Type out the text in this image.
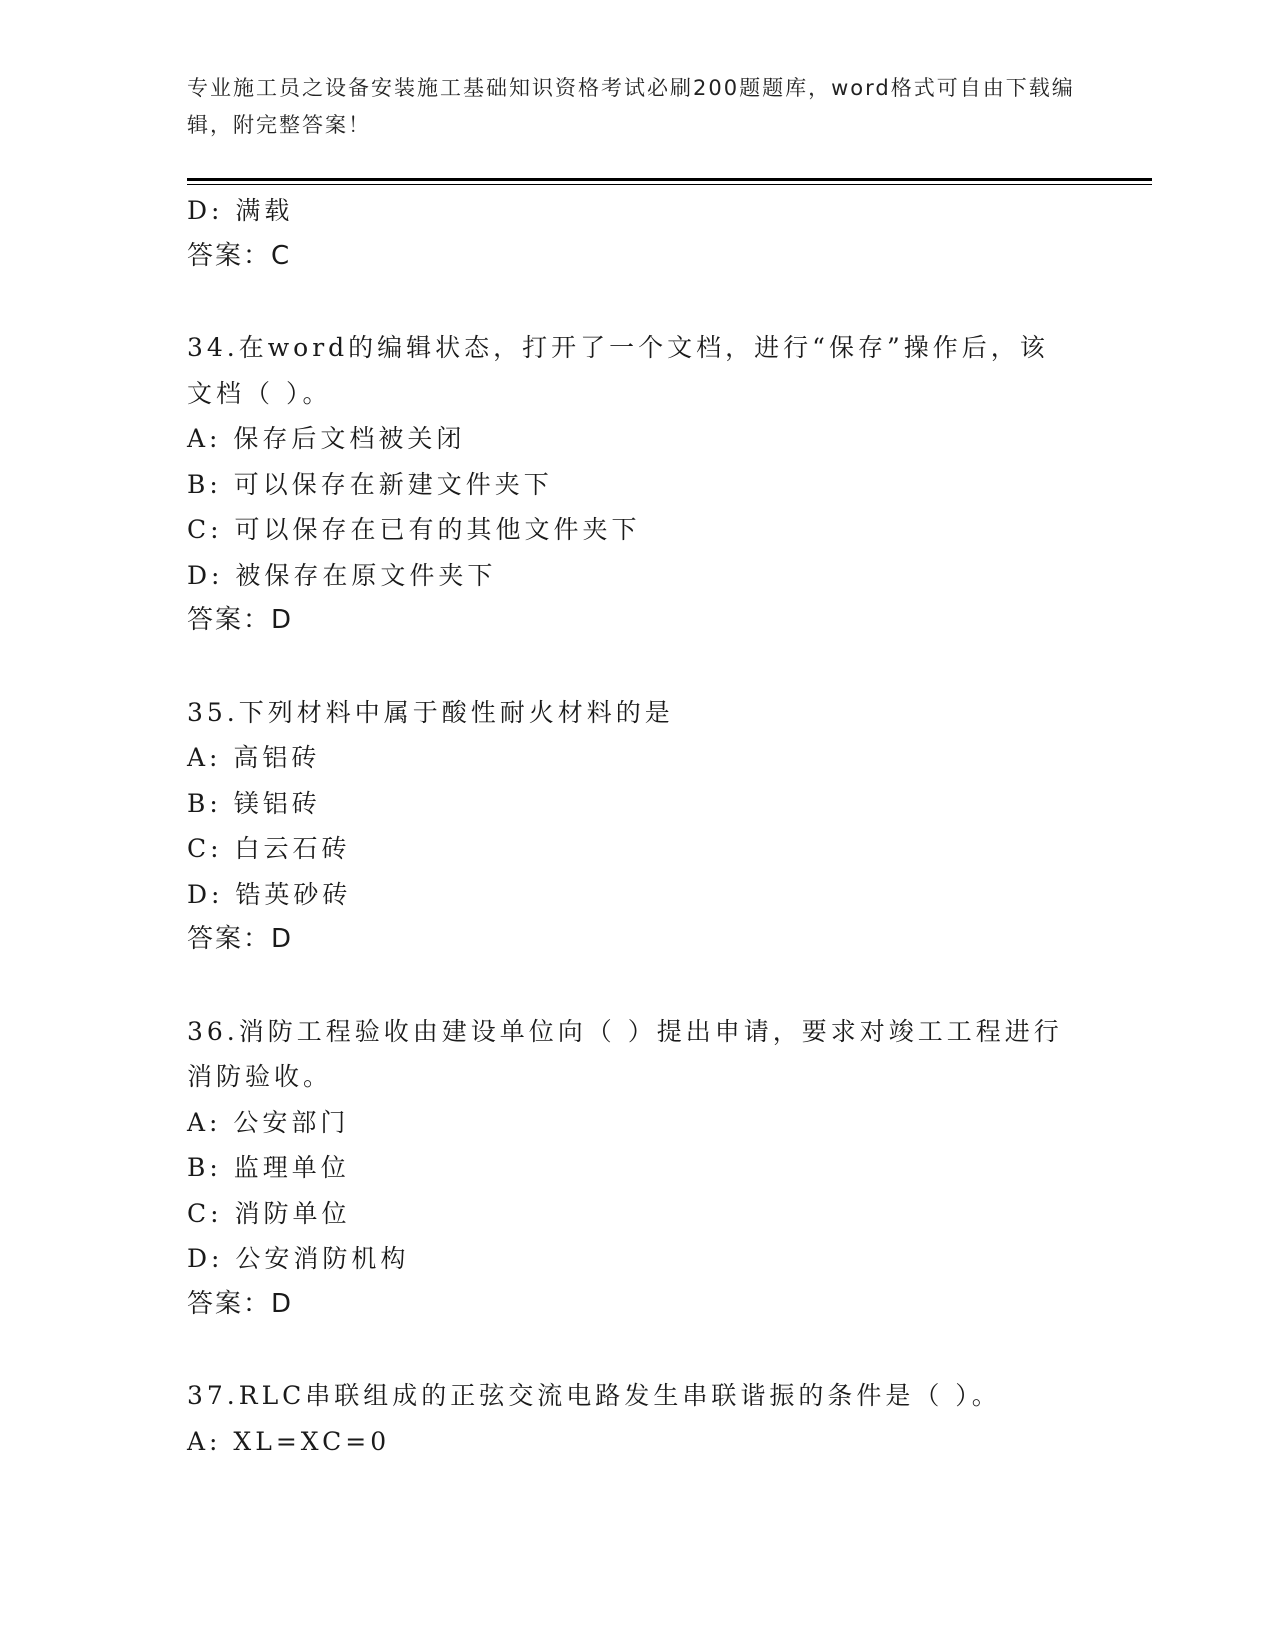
专业施工员之设备安装施工基础知识资格考试必刷200题题库，word格式可自由下载编辑，附完整答案！
D: 满载
答案：C
34.在word的编辑状态，打开了一个文档，进行“保存”操作后，该文档（ ）。
A: 保存后文档被关闭
B: 可以保存在新建文件夹下
C: 可以保存在已有的其他文件夹下
D: 被保存在原文件夹下
答案：D
35.下列材料中属于酸性耐火材料的是
A: 高铝砖
B: 镁铝砖
C: 白云石砖
D: 锆英砂砖
答案：D
36.消防工程验收由建设单位向（ ）提出申请，要求对竣工工程进行消防验收。
A: 公安部门
B: 监理单位
C: 消防单位
D: 公安消防机构
答案：D
37.RLC串联组成的正弦交流电路发生串联谐振的条件是（ ）。
A: XL=XC=0
